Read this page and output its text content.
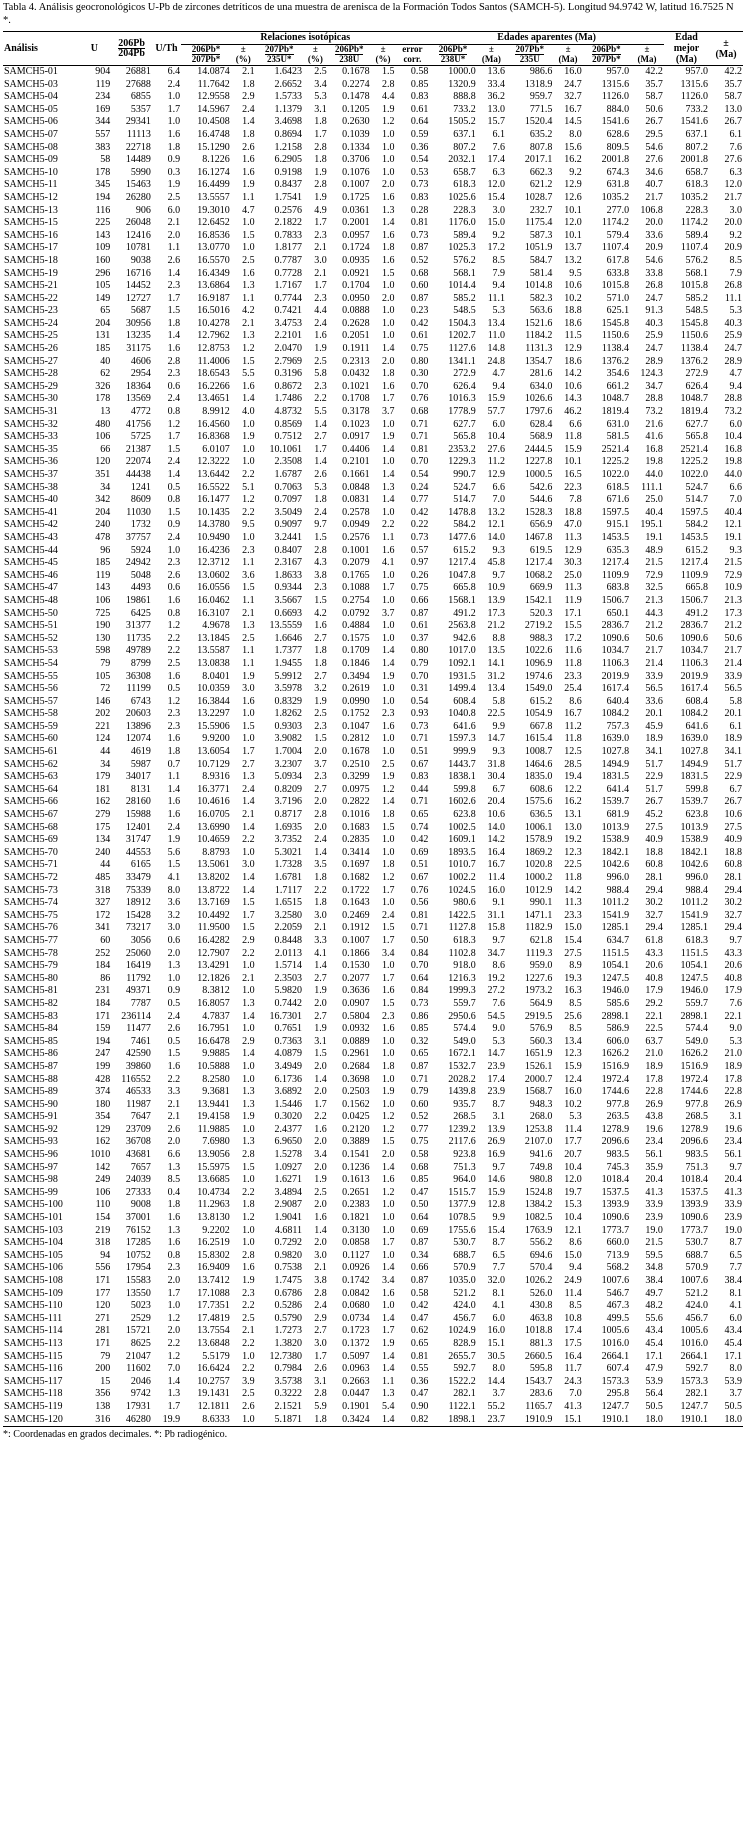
Tabla 4. Análisis geocronológicos U-Pb de zircones detríticos de una muestra de arenisca de la Formación Todos Santos (SAMCH-5). Longitud 94.9742 W, latitud 16.7525 N *.
Análisis	U	$\frac{206Pb}{204Pb}$	U/Th	Relaciones isotópicas							Edades aparentes (Ma)						Edad mejor (Ma)	±
(Ma)
				$\frac{206Pb*}{207Pb*}$	±
(%)	$\frac{207Pb*}{235U*}$	±
(%)	$\frac{206Pb*}{238U}$	±
(%)	error corr.	$\frac{206Pb*}{238U*}$	±
(Ma)	$\frac{207Pb*}{235U}$	±
(Ma)	$\frac{206Pb*}{207Pb*}$	±
(Ma)		
SAMCH5-01	904	26881	6.4	14.0874	2.1	1.6423	2.5	0.1678	1.5	0.58	1000.0	13.6	986.6	16.0	957.0	42.2	957.0	42.2
SAMCH5-03	119	27688	2.4	11.7642	1.8	2.6652	3.4	0.2274	2.8	0.85	1320.9	33.4	1318.9	24.7	1315.6	35.7	1315.6	35.7
SAMCH5-04	234	6855	1.0	12.9558	2.9	1.5733	5.3	0.1478	4.4	0.83	888.8	36.2	959.7	32.7	1126.0	58.7	1126.0	58.7
SAMCH5-05	169	5357	1.7	14.5967	2.4	1.1379	3.1	0.1205	1.9	0.61	733.2	13.0	771.5	16.7	884.0	50.6	733.2	13.0
SAMCH5-06	344	29341	1.0	10.4508	1.4	3.4698	1.8	0.2630	1.2	0.64	1505.2	15.7	1520.4	14.5	1541.6	26.7	1541.6	26.7
SAMCH5-07	557	11113	1.6	16.4748	1.8	0.8694	1.7	0.1039	1.0	0.59	637.1	6.1	635.2	8.0	628.6	29.5	637.1	6.1
SAMCH5-08	383	22718	1.8	15.1290	2.6	1.2158	2.8	0.1334	1.0	0.36	807.2	7.6	807.8	15.6	809.5	54.6	807.2	7.6
SAMCH5-09	58	14489	0.9	8.1226	1.6	6.2905	1.8	0.3706	1.0	0.54	2032.1	17.4	2017.1	16.2	2001.8	27.6	2001.8	27.6
SAMCH5-10	178	5990	0.3	16.1274	1.6	0.9198	1.9	0.1076	1.0	0.53	658.7	6.3	662.3	9.2	674.3	34.6	658.7	6.3
SAMCH5-11	345	15463	1.9	16.4499	1.9	0.8437	2.8	0.1007	2.0	0.73	618.3	12.0	621.2	12.9	631.8	40.7	618.3	12.0
SAMCH5-12	194	26280	2.5	13.5557	1.1	1.7541	1.9	0.1725	1.6	0.83	1025.6	15.4	1028.7	12.6	1035.2	21.7	1035.2	21.7
SAMCH5-13	116	906	6.0	19.3010	4.7	0.2576	4.9	0.0361	1.3	0.28	228.3	3.0	232.7	10.1	277.0	106.8	228.3	3.0
SAMCH5-15	225	26048	2.1	12.6452	1.0	2.1822	1.7	0.2001	1.4	0.81	1176.0	15.0	1175.4	12.0	1174.2	20.0	1174.2	20.0
SAMCH5-16	143	12416	2.0	16.8536	1.5	0.7833	2.3	0.0957	1.6	0.73	589.4	9.2	587.3	10.1	579.4	33.6	589.4	9.2
SAMCH5-17	109	10781	1.1	13.0770	1.0	1.8177	2.1	0.1724	1.8	0.87	1025.3	17.2	1051.9	13.7	1107.4	20.9	1107.4	20.9
SAMCH5-18	160	9038	2.6	16.5570	2.5	0.7787	3.0	0.0935	1.6	0.52	576.2	8.5	584.7	13.2	617.8	54.6	576.2	8.5
SAMCH5-19	296	16716	1.4	16.4349	1.6	0.7728	2.1	0.0921	1.5	0.68	568.1	7.9	581.4	9.5	633.8	33.8	568.1	7.9
SAMCH5-21	105	14452	2.3	13.6864	1.3	1.7167	1.7	0.1704	1.0	0.60	1014.4	9.4	1014.8	10.6	1015.8	26.8	1015.8	26.8
SAMCH5-22	149	12727	1.7	16.9187	1.1	0.7744	2.3	0.0950	2.0	0.87	585.2	11.1	582.3	10.2	571.0	24.7	585.2	11.1
SAMCH5-23	65	5687	1.5	16.5016	4.2	0.7421	4.4	0.0888	1.0	0.23	548.5	5.3	563.6	18.8	625.1	91.3	548.5	5.3
SAMCH5-24	204	30956	1.8	10.4278	2.1	3.4753	2.4	0.2628	1.0	0.42	1504.3	13.4	1521.6	18.6	1545.8	40.3	1545.8	40.3
SAMCH5-25	131	13235	1.4	12.7962	1.3	2.2101	1.6	0.2051	1.0	0.61	1202.7	11.0	1184.2	11.5	1150.6	25.9	1150.6	25.9
SAMCH5-26	185	31175	1.6	12.8753	1.2	2.0470	1.9	0.1911	1.4	0.75	1127.6	14.8	1131.3	12.9	1138.4	24.7	1138.4	24.7
SAMCH5-27	40	4606	2.8	11.4006	1.5	2.7969	2.5	0.2313	2.0	0.80	1341.1	24.8	1354.7	18.6	1376.2	28.9	1376.2	28.9
SAMCH5-28	62	2954	2.3	18.6543	5.5	0.3196	5.8	0.0432	1.8	0.30	272.9	4.7	281.6	14.2	354.6	124.3	272.9	4.7
SAMCH5-29	326	18364	0.6	16.2266	1.6	0.8672	2.3	0.1021	1.6	0.70	626.4	9.4	634.0	10.6	661.2	34.7	626.4	9.4
SAMCH5-30	178	13569	2.4	13.4651	1.4	1.7486	2.2	0.1708	1.7	0.76	1016.3	15.9	1026.6	14.3	1048.7	28.8	1048.7	28.8
SAMCH5-31	13	4772	0.8	8.9912	4.0	4.8732	5.5	0.3178	3.7	0.68	1778.9	57.7	1797.6	46.2	1819.4	73.2	1819.4	73.2
SAMCH5-32	480	41756	1.2	16.4560	1.0	0.8569	1.4	0.1023	1.0	0.71	627.7	6.0	628.4	6.6	631.0	21.6	627.7	6.0
SAMCH5-33	106	5725	1.7	16.8368	1.9	0.7512	2.7	0.0917	1.9	0.71	565.8	10.4	568.9	11.8	581.5	41.6	565.8	10.4
SAMCH5-35	66	21387	1.5	6.0107	1.0	10.1061	1.7	0.4406	1.4	0.81	2353.2	27.6	2444.5	15.9	2521.4	16.8	2521.4	16.8
SAMCH5-36	120	22074	2.4	12.3222	1.0	2.3508	1.4	0.2101	1.0	0.70	1229.3	11.2	1227.8	10.1	1225.2	19.8	1225.2	19.8
SAMCH5-37	351	44438	1.4	13.6442	2.2	1.6787	2.6	0.1661	1.4	0.54	990.7	12.9	1000.5	16.5	1022.0	44.0	1022.0	44.0
SAMCH5-38	34	1241	0.5	16.5522	5.1	0.7063	5.3	0.0848	1.3	0.24	524.7	6.6	542.6	22.3	618.5	111.1	524.7	6.6
SAMCH5-40	342	8609	0.8	16.1477	1.2	0.7097	1.8	0.0831	1.4	0.77	514.7	7.0	544.6	7.8	671.6	25.0	514.7	7.0
SAMCH5-41	204	11030	1.5	10.1435	2.2	3.5049	2.4	0.2578	1.0	0.42	1478.8	13.2	1528.3	18.8	1597.5	40.4	1597.5	40.4
SAMCH5-42	240	1732	0.9	14.3780	9.5	0.9097	9.7	0.0949	2.2	0.22	584.2	12.1	656.9	47.0	915.1	195.1	584.2	12.1
SAMCH5-43	478	37757	2.4	10.9490	1.0	3.2441	1.5	0.2576	1.1	0.73	1477.6	14.0	1467.8	11.3	1453.5	19.1	1453.5	19.1
SAMCH5-44	96	5924	1.0	16.4236	2.3	0.8407	2.8	0.1001	1.6	0.57	615.2	9.3	619.5	12.9	635.3	48.9	615.2	9.3
SAMCH5-45	185	24942	2.3	12.3712	1.1	2.3167	4.3	0.2079	4.1	0.97	1217.4	45.8	1217.4	30.3	1217.4	21.5	1217.4	21.5
SAMCH5-46	119	5048	2.6	13.0602	3.6	1.8633	3.8	0.1765	1.0	0.26	1047.8	9.7	1068.2	25.0	1109.9	72.9	1109.9	72.9
SAMCH5-47	143	4493	0.6	16.0556	1.5	0.9344	2.3	0.1088	1.7	0.75	665.8	10.9	669.9	11.3	683.8	32.5	665.8	10.9
SAMCH5-48	106	19861	1.6	16.0462	1.1	3.5667	1.5	0.2754	1.0	0.66	1568.1	13.9	1542.1	11.9	1506.7	21.3	1506.7	21.3
SAMCH5-50	725	6425	0.8	16.3107	2.1	0.6693	4.2	0.0792	3.7	0.87	491.2	17.3	520.3	17.1	650.1	44.3	491.2	17.3
SAMCH5-51	190	31377	1.2	4.9678	1.3	13.5559	1.6	0.4884	1.0	0.61	2563.8	21.2	2719.2	15.5	2836.7	21.2	2836.7	21.2
SAMCH5-52	130	11735	2.2	13.1845	2.5	1.6646	2.7	0.1575	1.0	0.37	942.6	8.8	988.3	17.2	1090.6	50.6	1090.6	50.6
SAMCH5-53	598	49789	2.2	13.5587	1.1	1.7377	1.8	0.1709	1.4	0.80	1017.0	13.5	1022.6	11.6	1034.7	21.7	1034.7	21.7
SAMCH5-54	79	8799	2.5	13.0838	1.1	1.9455	1.8	0.1846	1.4	0.79	1092.1	14.1	1096.9	11.8	1106.3	21.4	1106.3	21.4
SAMCH5-55	105	36308	1.6	8.0401	1.9	5.9912	2.7	0.3494	1.9	0.70	1931.5	31.2	1974.6	23.3	2019.9	33.9	2019.9	33.9
SAMCH5-56	72	11199	0.5	10.0359	3.0	3.5978	3.2	0.2619	1.0	0.31	1499.4	13.4	1549.0	25.4	1617.4	56.5	1617.4	56.5
SAMCH5-57	146	6743	1.2	16.3844	1.6	0.8329	1.9	0.0990	1.0	0.54	608.4	5.8	615.2	8.6	640.4	33.6	608.4	5.8
SAMCH5-58	202	20603	2.3	13.2297	1.0	1.8262	2.5	0.1752	2.3	0.93	1040.8	22.5	1054.9	16.7	1084.2	20.1	1084.2	20.1
SAMCH5-59	221	13896	2.3	15.5906	1.5	0.9303	2.3	0.1047	1.6	0.73	641.6	9.9	667.8	11.2	757.3	45.9	641.6	6.1
SAMCH5-60	124	12074	1.6	9.9200	1.0	3.9082	1.5	0.2812	1.0	0.71	1597.3	14.7	1615.4	11.8	1639.0	18.9	1639.0	18.9
SAMCH5-61	44	4619	1.8	13.6054	1.7	1.7004	2.0	0.1678	1.0	0.51	999.9	9.3	1008.7	12.5	1027.8	34.1	1027.8	34.1
SAMCH5-62	34	5987	0.7	10.7129	2.7	3.2307	3.7	0.2510	2.5	0.67	1443.7	31.8	1464.6	28.5	1494.9	51.7	1494.9	51.7
SAMCH5-63	179	34017	1.1	8.9316	1.3	5.0934	2.3	0.3299	1.9	0.83	1838.1	30.4	1835.0	19.4	1831.5	22.9	1831.5	22.9
SAMCH5-64	181	8131	1.4	16.3771	2.4	0.8209	2.7	0.0975	1.2	0.44	599.8	6.7	608.6	12.2	641.4	51.7	599.8	6.7
SAMCH5-66	162	28160	1.6	10.4616	1.4	3.7196	2.0	0.2822	1.4	0.71	1602.6	20.4	1575.6	16.2	1539.7	26.7	1539.7	26.7
SAMCH5-67	279	15988	1.6	16.0705	2.1	0.8717	2.8	0.1016	1.8	0.65	623.8	10.6	636.5	13.1	681.9	45.2	623.8	10.6
SAMCH5-68	175	12401	2.4	13.6990	1.4	1.6935	2.0	0.1683	1.5	0.74	1002.5	14.0	1006.1	13.0	1013.9	27.5	1013.9	27.5
SAMCH5-69	134	31747	1.9	10.4659	2.2	3.7352	2.4	0.2835	1.0	0.42	1609.1	14.2	1578.9	19.2	1538.9	40.9	1538.9	40.9
SAMCH5-70	240	44553	5.6	8.8793	1.0	5.3021	1.4	0.3414	1.0	0.69	1893.5	16.4	1869.2	12.3	1842.1	18.8	1842.1	18.8
SAMCH5-71	44	6165	1.5	13.5061	3.0	1.7328	3.5	0.1697	1.8	0.51	1010.7	16.7	1020.8	22.5	1042.6	60.8	1042.6	60.8
SAMCH5-72	485	33479	4.1	13.8202	1.4	1.6781	1.8	0.1682	1.2	0.67	1002.2	11.4	1000.2	11.8	996.0	28.1	996.0	28.1
SAMCH5-73	318	75339	8.0	13.8722	1.4	1.7117	2.2	0.1722	1.7	0.76	1024.5	16.0	1012.9	14.2	988.4	29.4	988.4	29.4
SAMCH5-74	327	18912	3.6	13.7169	1.5	1.6515	1.8	0.1643	1.0	0.56	980.6	9.1	990.1	11.3	1011.2	30.2	1011.2	30.2
SAMCH5-75	172	15428	3.2	10.4492	1.7	3.2580	3.0	0.2469	2.4	0.81	1422.5	31.1	1471.1	23.3	1541.9	32.7	1541.9	32.7
SAMCH5-76	341	73217	3.0	11.9500	1.5	2.2059	2.1	0.1912	1.5	0.71	1127.8	15.8	1182.9	15.0	1285.1	29.4	1285.1	29.4
SAMCH5-77	60	3056	0.6	16.4282	2.9	0.8448	3.3	0.1007	1.7	0.50	618.3	9.7	621.8	15.4	634.7	61.8	618.3	9.7
SAMCH5-78	252	25060	2.0	12.7907	2.2	2.0113	4.1	0.1866	3.4	0.84	1102.8	34.7	1119.3	27.5	1151.5	43.3	1151.5	43.3
SAMCH5-79	184	16419	1.3	13.4291	1.0	1.5714	1.4	0.1530	1.0	0.70	918.0	8.6	959.0	8.9	1054.1	20.6	1054.1	20.6
SAMCH5-80	86	11792	1.0	12.1826	2.1	2.3503	2.7	0.2077	1.7	0.64	1216.3	19.2	1227.6	19.3	1247.5	40.8	1247.5	40.8
SAMCH5-81	231	49371	0.9	8.3812	1.0	5.9820	1.9	0.3636	1.6	0.84	1999.3	27.2	1973.2	16.3	1946.0	17.9	1946.0	17.9
SAMCH5-82	184	7787	0.5	16.8057	1.3	0.7442	2.0	0.0907	1.5	0.73	559.7	7.6	564.9	8.5	585.6	29.2	559.7	7.6
SAMCH5-83	171	236114	2.4	4.7837	1.4	16.7301	2.7	0.5804	2.3	0.86	2950.6	54.5	2919.5	25.6	2898.1	22.1	2898.1	22.1
SAMCH5-84	159	11477	2.6	16.7951	1.0	0.7651	1.9	0.0932	1.6	0.85	574.4	9.0	576.9	8.5	586.9	22.5	574.4	9.0
SAMCH5-85	194	7461	0.5	16.6478	2.9	0.7363	3.1	0.0889	1.0	0.32	549.0	5.3	560.3	13.4	606.0	63.7	549.0	5.3
SAMCH5-86	247	42590	1.5	9.9885	1.4	4.0879	1.5	0.2961	1.0	0.65	1672.1	14.7	1651.9	12.3	1626.2	21.0	1626.2	21.0
SAMCH5-87	199	39860	1.6	10.5888	1.0	3.4949	2.0	0.2684	1.8	0.87	1532.7	23.9	1526.1	15.9	1516.9	18.9	1516.9	18.9
SAMCH5-88	428	116552	2.2	8.2580	1.0	6.1736	1.4	0.3698	1.0	0.71	2028.2	17.4	2000.7	12.4	1972.4	17.8	1972.4	17.8
SAMCH5-89	374	46533	3.3	9.3681	1.3	3.6892	2.0	0.2503	1.9	0.79	1439.8	23.9	1568.7	16.0	1744.6	22.8	1744.6	22.8
SAMCH5-90	180	11987	2.1	13.9441	1.3	1.5446	1.7	0.1562	1.0	0.60	935.7	8.7	948.3	10.2	977.8	26.9	977.8	26.9
SAMCH5-91	354	7647	2.1	19.4158	1.9	0.3020	2.2	0.0425	1.2	0.52	268.5	3.1	268.0	5.3	263.5	43.8	268.5	3.1
SAMCH5-92	129	23709	2.6	11.9885	1.0	2.4377	1.6	0.2120	1.2	0.77	1239.2	13.9	1253.8	11.4	1278.9	19.6	1278.9	19.6
SAMCH5-93	162	36708	2.0	7.6980	1.3	6.9650	2.0	0.3889	1.5	0.75	2117.6	26.9	2107.0	17.7	2096.6	23.4	2096.6	23.4
SAMCH5-96	1010	43681	6.6	13.9056	2.8	1.5278	3.4	0.1541	2.0	0.58	923.8	16.9	941.6	20.7	983.5	56.1	983.5	56.1
SAMCH5-97	142	7657	1.3	15.5975	1.5	1.0927	2.0	0.1236	1.4	0.68	751.3	9.7	749.8	10.4	745.3	35.9	751.3	9.7
SAMCH5-98	249	24039	8.5	13.6685	1.0	1.6271	1.9	0.1613	1.6	0.85	964.0	14.6	980.8	12.0	1018.4	20.4	1018.4	20.4
SAMCH5-99	106	27333	0.4	10.4734	2.2	3.4894	2.5	0.2651	1.2	0.47	1515.7	15.9	1524.8	19.7	1537.5	41.3	1537.5	41.3
SAMCH5-100	110	9008	1.8	11.2963	1.8	2.9087	2.0	0.2383	1.0	0.50	1377.9	12.8	1384.2	15.3	1393.9	33.9	1393.9	33.9
SAMCH5-101	154	37001	1.6	13.8130	1.2	1.9041	1.6	0.1821	1.0	0.64	1078.5	9.9	1082.5	10.4	1090.6	23.9	1090.6	23.9
SAMCH5-103	219	76152	1.3	9.2202	1.0	4.6811	1.4	0.3130	1.0	0.69	1755.6	15.4	1763.9	12.1	1773.7	19.0	1773.7	19.0
SAMCH5-104	318	17285	1.6	16.2519	1.0	0.7292	2.0	0.0858	1.7	0.87	530.7	8.7	556.2	8.6	660.0	21.5	530.7	8.7
SAMCH5-105	94	10752	0.8	15.8302	2.8	0.9820	3.0	0.1127	1.0	0.34	688.7	6.5	694.6	15.0	713.9	59.5	688.7	6.5
SAMCH5-106	556	17954	2.3	16.9409	1.6	0.7538	2.1	0.0926	1.4	0.66	570.9	7.7	570.4	9.4	568.2	34.8	570.9	7.7
SAMCH5-108	171	15583	2.0	13.7412	1.9	1.7475	3.8	0.1742	3.4	0.87	1035.0	32.0	1026.2	24.9	1007.6	38.4	1007.6	38.4
SAMCH5-109	177	13550	1.7	17.1088	2.3	0.6786	2.8	0.0842	1.6	0.58	521.2	8.1	526.0	11.4	546.7	49.7	521.2	8.1
SAMCH5-110	120	5023	1.0	17.7351	2.2	0.5286	2.4	0.0680	1.0	0.42	424.0	4.1	430.8	8.5	467.3	48.2	424.0	4.1
SAMCH5-111	271	2529	1.2	17.4819	2.5	0.5790	2.9	0.0734	1.4	0.47	456.7	6.0	463.8	10.8	499.5	55.6	456.7	6.0
SAMCH5-114	281	15721	2.0	13.7554	2.1	1.7273	2.7	0.1723	1.7	0.62	1024.9	16.0	1018.8	17.4	1005.6	43.4	1005.6	43.4
SAMCH5-113	171	8625	2.2	13.6848	2.2	1.3820	3.0	0.1372	1.9	0.65	828.9	15.1	881.3	17.5	1016.0	45.4	1016.0	45.4
SAMCH5-115	79	21047	1.2	5.5179	1.0	12.7380	1.7	0.5097	1.4	0.81	2655.7	30.5	2660.5	16.4	2664.1	17.1	2664.1	17.1
SAMCH5-116	200	11602	7.0	16.6424	2.2	0.7984	2.6	0.0963	1.4	0.55	592.7	8.0	595.8	11.7	607.4	47.9	592.7	8.0
SAMCH5-117	15	2046	1.4	10.2757	3.9	3.5738	3.1	0.2663	1.1	0.36	1522.2	14.4	1543.7	24.3	1573.3	53.9	1573.3	53.9
SAMCH5-118	356	9742	1.3	19.1431	2.5	0.3222	2.8	0.0447	1.3	0.47	282.1	3.7	283.6	7.0	295.8	56.4	282.1	3.7
SAMCH5-119	138	17931	1.7	12.1811	2.6	2.1521	5.9	0.1901	5.4	0.90	1122.1	55.2	1165.7	41.3	1247.7	50.5	1247.7	50.5
SAMCH5-120	316	46280	19.9	8.6333	1.0	5.1871	1.8	0.3424	1.4	0.82	1898.1	23.7	1910.9	15.1	1910.1	18.0	1910.1	18.0
*: Coordenadas en grados decimales. *: Pb radiogénico.
